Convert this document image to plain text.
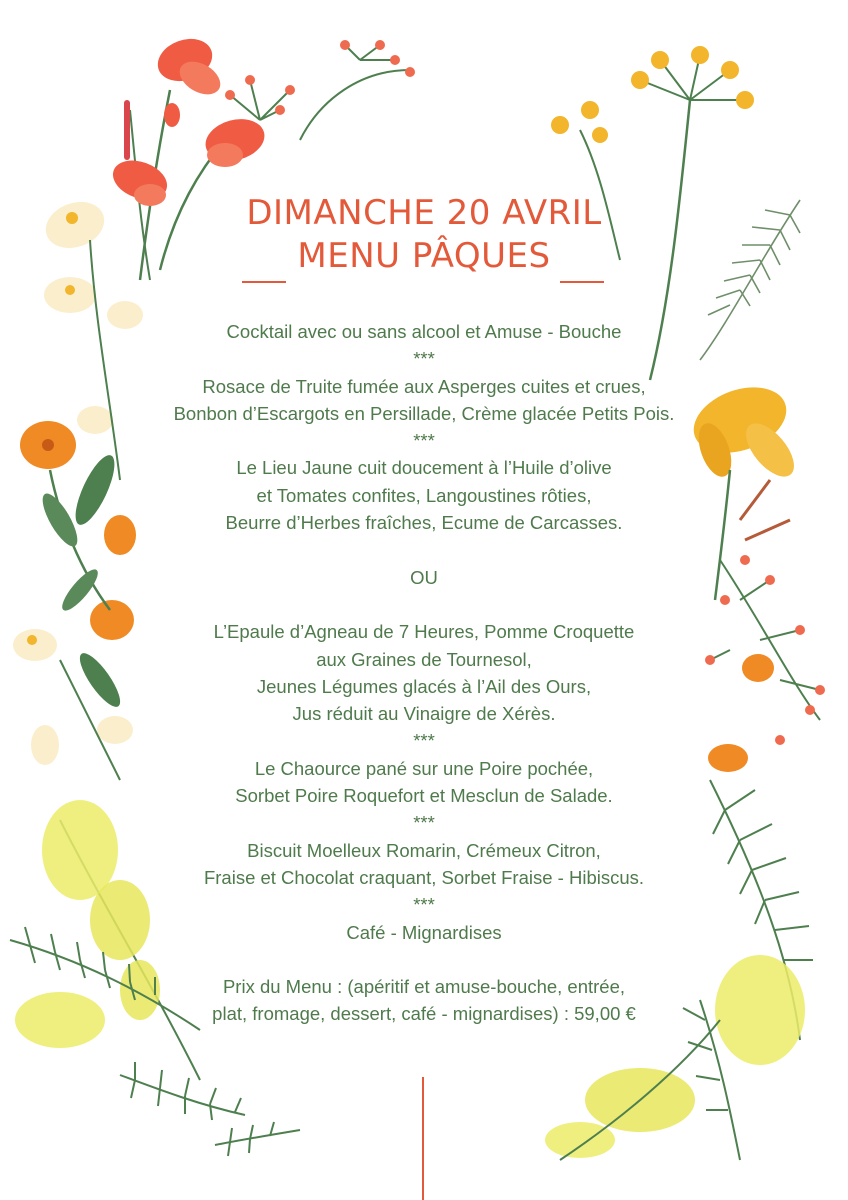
DIMANCHE 20 AVRIL
MENU PÂQUES
Cocktail avec ou sans alcool et Amuse - Bouche
***
Rosace de Truite fumée aux Asperges cuites et crues,
Bonbon d’Escargots en Persillade, Crème glacée Petits Pois.
***
Le Lieu Jaune cuit doucement à l’Huile d’olive
et Tomates confites, Langoustines rôties,
Beurre d’Herbes fraîches, Ecume de Carcasses.
OU
L’Epaule d’Agneau de 7 Heures, Pomme Croquette
aux Graines de Tournesol,
Jeunes Légumes glacés à l’Ail des Ours,
Jus réduit au Vinaigre de Xérès.
***
Le Chaource pané sur une Poire pochée,
Sorbet Poire Roquefort et Mesclun de Salade.
***
Biscuit Moelleux Romarin, Crémeux Citron,
Fraise et Chocolat craquant, Sorbet Fraise - Hibiscus.
***
Café - Mignardises
Prix du Menu : (apéritif et amuse-bouche, entrée,
plat, fromage, dessert, café - mignardises) : 59,00 €
